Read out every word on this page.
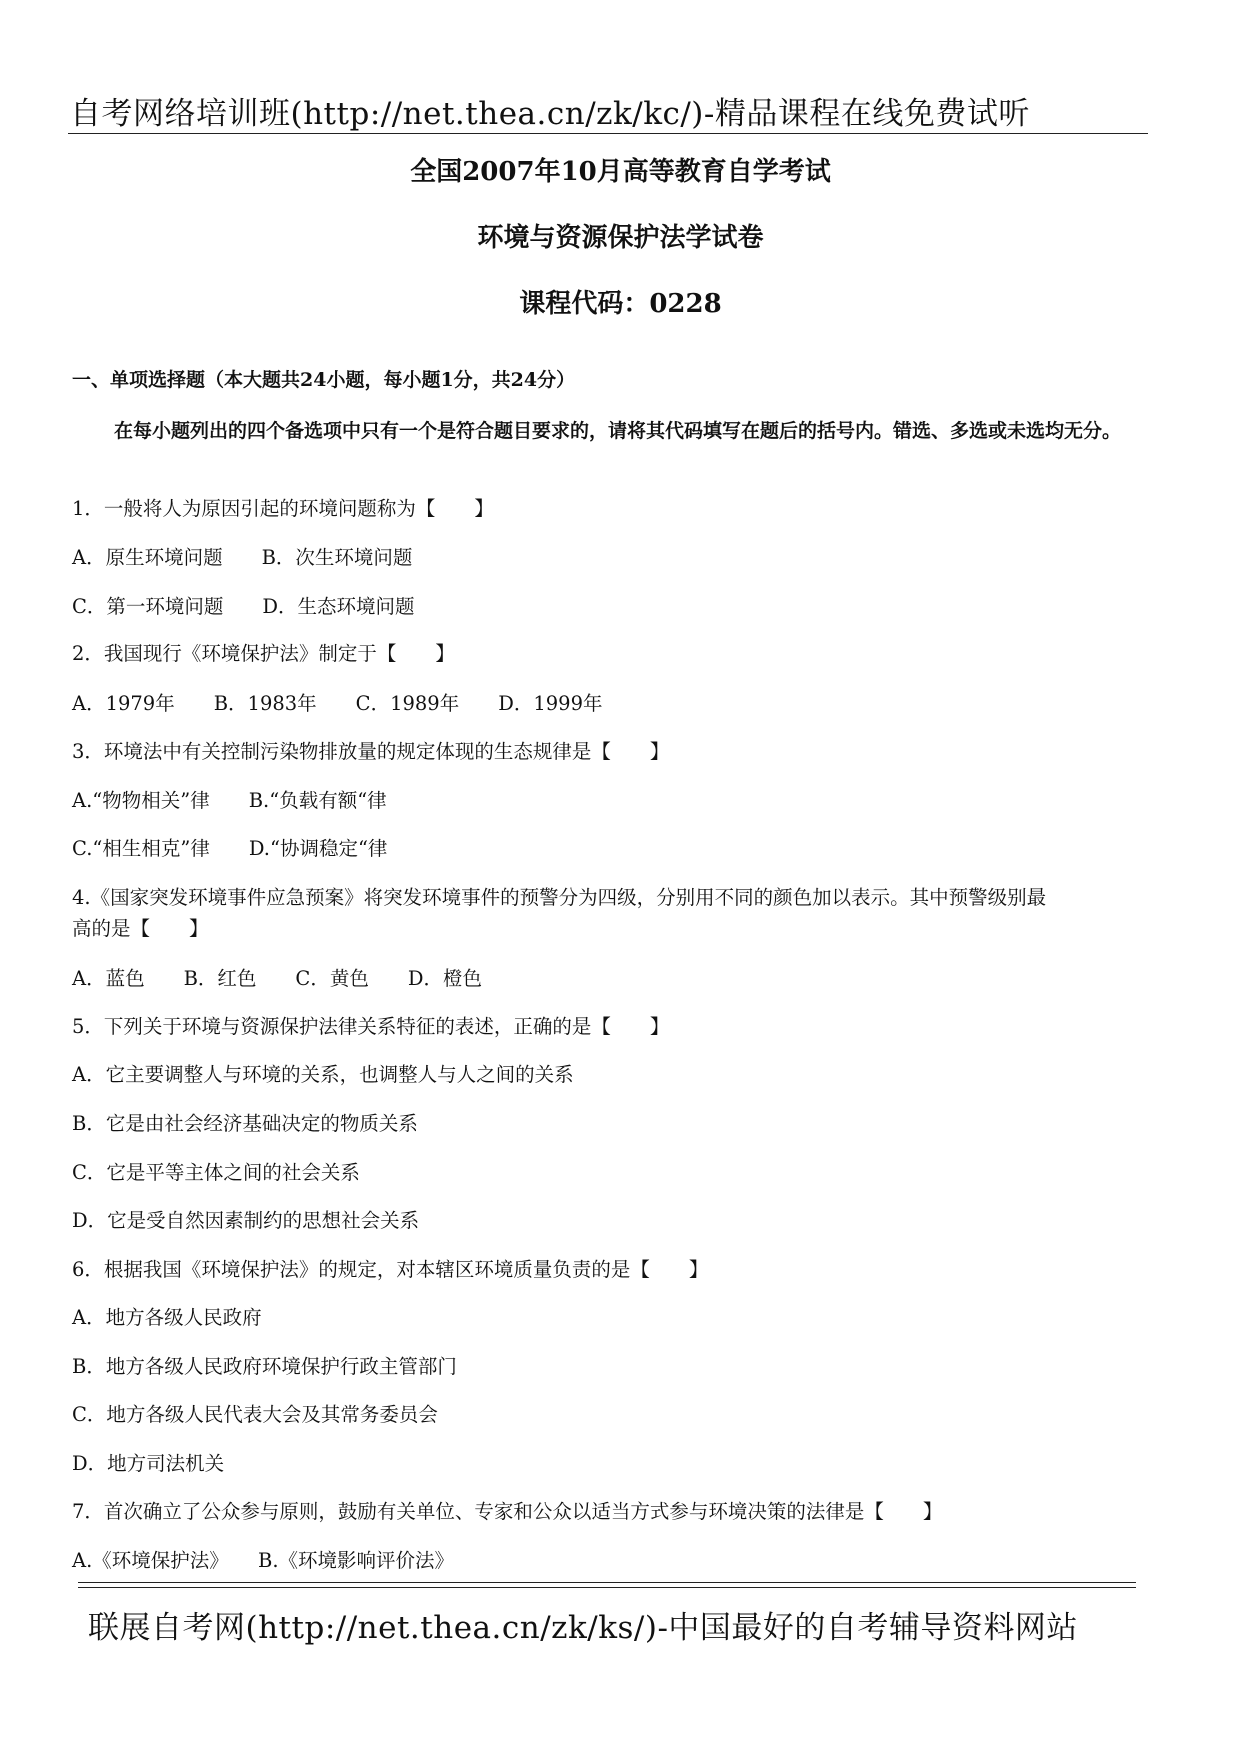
自考网络培训班(http://net.thea.cn/zk/kc/)-精品课程在线免费试听
全国2007年10月高等教育自学考试
环境与资源保护法学试卷
课程代码：0228
一、单项选择题（本大题共24小题，每小题1分，共24分）
在每小题列出的四个备选项中只有一个是符合题目要求的，请将其代码填写在题后的括号内。错选、多选或未选均无分。
1．一般将人为原因引起的环境问题称为【　　】
A．原生环境问题　　B．次生环境问题
C．第一环境问题　　D．生态环境问题
2．我国现行《环境保护法》制定于【　　】
A．1979年　　B．1983年　　C．1989年　　D．1999年
3．环境法中有关控制污染物排放量的规定体现的生态规律是【　　】
A.“物物相关”律　　B.“负载有额“律
C.“相生相克”律　　D.“协调稳定“律
4.《国家突发环境事件应急预案》将突发环境事件的预警分为四级，分别用不同的颜色加以表示。其中预警级别最
高的是【　　】
A．蓝色　　B．红色　　C．黄色　　D．橙色
5．下列关于环境与资源保护法律关系特征的表述，正确的是【　　】
A．它主要调整人与环境的关系，也调整人与人之间的关系
B．它是由社会经济基础决定的物质关系
C．它是平等主体之间的社会关系
D．它是受自然因素制约的思想社会关系
6．根据我国《环境保护法》的规定，对本辖区环境质量负责的是【　　】
A．地方各级人民政府
B．地方各级人民政府环境保护行政主管部门
C．地方各级人民代表大会及其常务委员会
D．地方司法机关
7．首次确立了公众参与原则，鼓励有关单位、专家和公众以适当方式参与环境决策的法律是【　　】
A.《环境保护法》　　B.《环境影响评价法》
联展自考网(http://net.thea.cn/zk/ks/)-中国最好的自考辅导资料网站
